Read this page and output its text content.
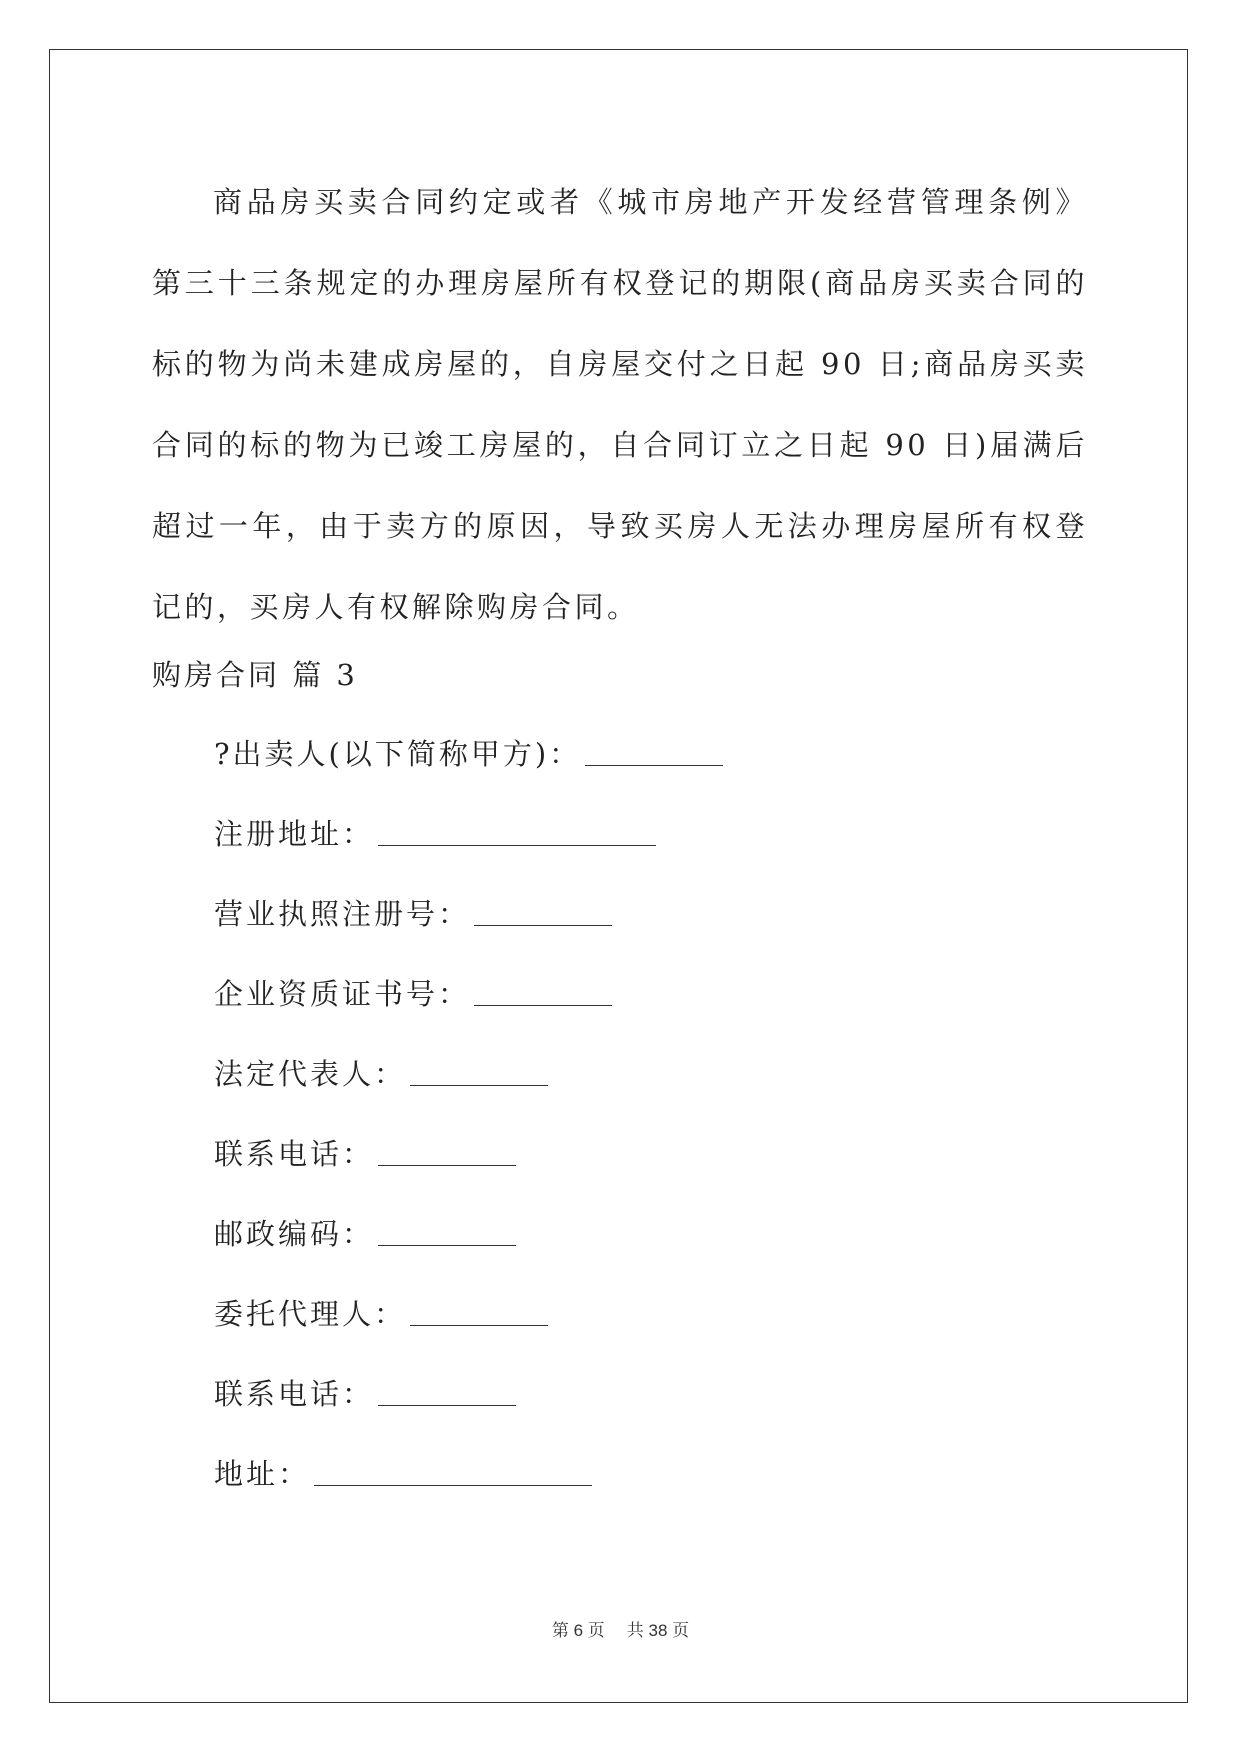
商品房买卖合同约定或者《城市房地产开发经营管理条例》第三十三条规定的办理房屋所有权登记的期限(商品房买卖合同的标的物为尚未建成房屋的，自房屋交付之日起 90 日;商品房买卖合同的标的物为已竣工房屋的，自合同订立之日起 90 日)届满后超过一年，由于卖方的原因，导致买房人无法办理房屋所有权登记的，买房人有权解除购房合同。

购房合同 篇 3

?出卖人(以下简称甲方)：

注册地址：

营业执照注册号：

企业资质证书号：

法定代表人：

联系电话：

邮政编码：

委托代理人：

联系电话：

地址：

第 6 页 共 38 页
